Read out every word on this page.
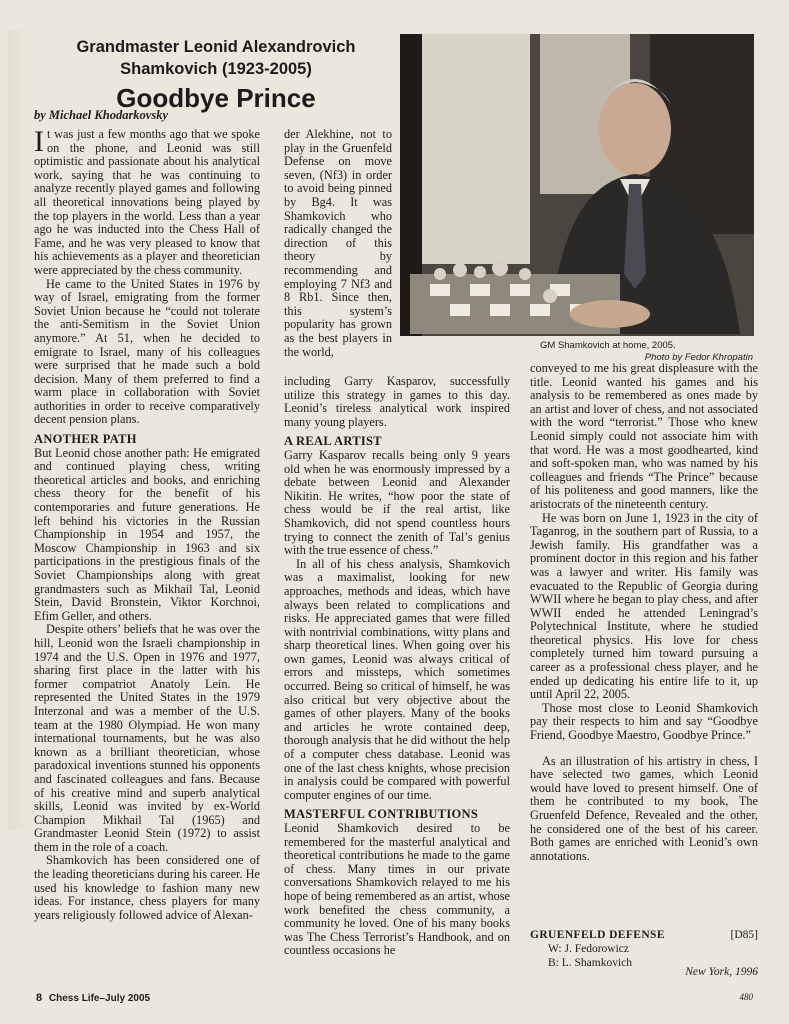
Grandmaster Leonid Alexandrovich Shamkovich (1923-2005)
Goodbye Prince
by Michael Khodarkovsky

It was just a few months ago that we spoke on the phone, and Leonid was still optimistic and passionate about his analytical work, saying that he was continuing to analyze recently played games and following all theoretical innovations being played by the top players in the world. Less than a year ago he was inducted into the Chess Hall of Fame, and he was very pleased to know that his achievements as a player and theoretician were appreciated by the chess community.

He came to the United States in 1976 by way of Israel, emigrating from the former Soviet Union because he “could not tolerate the anti-Semitism in the Soviet Union anymore.” At 51, when he decided to emigrate to Israel, many of his colleagues were surprised that he made such a bold decision. Many of them preferred to find a warm place in collaboration with Soviet authorities in order to receive comparatively decent pension plans.

ANOTHER PATH

But Leonid chose another path: He emigrated and continued playing chess, writing theoretical articles and books, and enriching chess theory for the benefit of his contemporaries and future generations. He left behind his victories in the Russian Championship in 1954 and 1957, the Moscow Championship in 1963 and six participations in the prestigious finals of the Soviet Championships along with great grandmasters such as Mikhail Tal, Leonid Stein, David Bronstein, Viktor Korchnoi, Efim Geller, and others.

Despite others’ beliefs that he was over the hill, Leonid won the Israeli championship in 1974 and the U.S. Open in 1976 and 1977, sharing first place in the latter with his former compatriot Anatoly Lein. He represented the United States in the 1979 Interzonal and was a member of the U.S. team at the 1980 Olympiad. He won many international tournaments, but he was also known as a brilliant theoretician, whose paradoxical inventions stunned his opponents and fascinated colleagues and fans. Because of his creative mind and superb analytical skills, Leonid was invited by ex-World Champion Mikhail Tal (1965) and Grandmaster Leonid Stein (1972) to assist them in the role of a coach.

Shamkovich has been considered one of the leading theoreticians during his career. He used his knowledge to fashion many new ideas. For instance, chess players for many years religiously followed advice of Alexan-

der Alekhine, not to play in the Gruenfeld Defense on move seven, (Nf3) in order to avoid being pinned by Bg4. It was Shamkovich who radically changed the direction of this theory by recommending and employing 7 Nf3 and 8 Rb1. Since then, this system’s popularity has grown as the best players in the world,	GM Shamkovich at home, 2005.
Photo by Fedor Khropatin

including Garry Kasparov, successfully utilize this strategy in games to this day. Leonid’s tireless analytical work inspired many young players.

A REAL ARTIST

Garry Kasparov recalls being only 9 years old when he was enormously impressed by a debate between Leonid and Alexander Nikitin. He writes, “how poor the state of chess would be if the real artist, like Shamkovich, did not spend countless hours trying to connect the zenith of Tal’s genius with the true essence of chess.”

In all of his chess analysis, Shamkovich was a maximalist, looking for new approaches, methods and ideas, which have always been related to complications and risks. He appreciated games that were filled with nontrivial combinations, witty plans and sharp theoretical lines. When going over his own games, Leonid was always critical of errors and missteps, which sometimes occurred. Being so critical of himself, he was also critical but very objective about the games of other players. Many of the books and articles he wrote contained deep, thorough analysis that he did without the help of a computer chess database. Leonid was one of the last chess knights, whose precision in analysis could be compared with powerful computer engines of our time.

MASTERFUL CONTRIBUTIONS

Leonid Shamkovich desired to be remembered for the masterful analytical and theoretical contributions he made to the game of chess. Many times in our private conversations Shamkovich relayed to me his hope of being remembered as an artist, whose work benefited the chess community, a community he loved. One of his many books was The Chess Terrorist’s Handbook, and on countless occasions he

conveyed to me his great displeasure with the title. Leonid wanted his games and his analysis to be remembered as ones made by an artist and lover of chess, and not associated with the word “terrorist.” Those who knew Leonid simply could not associate him with that word. He was a most goodhearted, kind and soft-spoken man, who was named by his colleagues and friends “The Prince” because of his politeness and good manners, like the aristocrats of the nineteenth century.

He was born on June 1, 1923 in the city of Taganrog, in the southern part of Russia, to a Jewish family. His grandfather was a prominent doctor in this region and his father was a lawyer and writer. His family was evacuated to the Republic of Georgia during WWII where he began to play chess, and after WWII ended he attended Leningrad’s Polytechnical Institute, where he studied theoretical physics. His love for chess completely turned him toward pursuing a career as a professional chess player, and he ended up dedicating his entire life to it, up until April 22, 2005.

Those most close to Leonid Shamkovich pay their respects to him and say “Goodbye Friend, Goodbye Maestro, Goodbye Prince.”

As an illustration of his artistry in chess, I have selected two games, which Leonid would have loved to present himself. One of them he contributed to my book, The Gruenfeld Defence, Revealed and the other, he considered one of the best of his career. Both games are enriched with Leonid’s own annotations.

GRUENFELD DEFENSE	[D85]
W: J. Fedorowicz
B: L. Shamkovich
New York, 1996
8 Chess Life–July 2005	480
